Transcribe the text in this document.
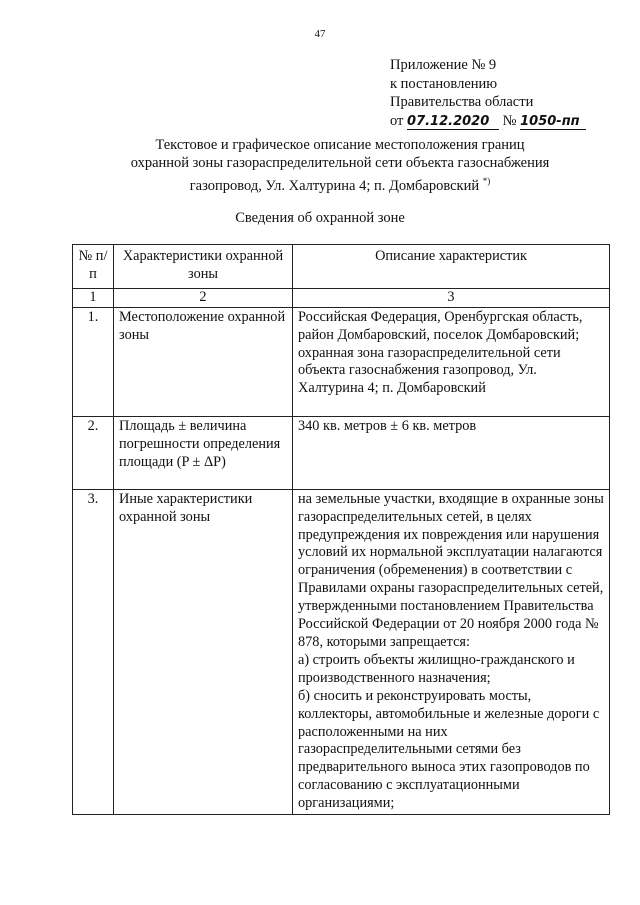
47
Приложение № 9
к постановлению
Правительства области
от 07.12.2020 № 1050-пп
Текстовое и графическое описание местоположения границ
охранной зоны газораспределительной сети объекта газоснабжения
газопровод, Ул. Халтурина 4; п. Домбаровский *)
Сведения об охранной зоне
№ п/п	Характеристики охранной зоны	Описание характеристик
1	2	3
1.	Местоположение охранной зоны	Российская Федерация, Оренбургская область, район Домбаровский, поселок Домбаровский; охранная зона газораспределительной сети объекта газоснабжения газопровод, Ул. Халтурина 4; п. Домбаровский
2.	Площадь ± величина погрешности определения площади (P ± ΔP)	340 кв. метров ± 6 кв. метров
3.	Иные характеристики охранной зоны	на земельные участки, входящие в охранные зоны газораспределительных сетей, в целях предупреждения их повреждения или нарушения условий их нормальной эксплуатации налагаются ограничения (обременения) в соответствии с Правилами охраны газораспределительных сетей, утвержденными постановлением Правительства Российской Федерации от 20 ноября 2000 года № 878, которыми запрещается:
а) строить объекты жилищно-гражданского и производственного назначения;
б) сносить и реконструировать мосты, коллекторы, автомобильные и железные дороги с расположенными на них газораспределительными сетями без предварительного выноса этих газопроводов по согласованию с эксплуатационными организациями;
